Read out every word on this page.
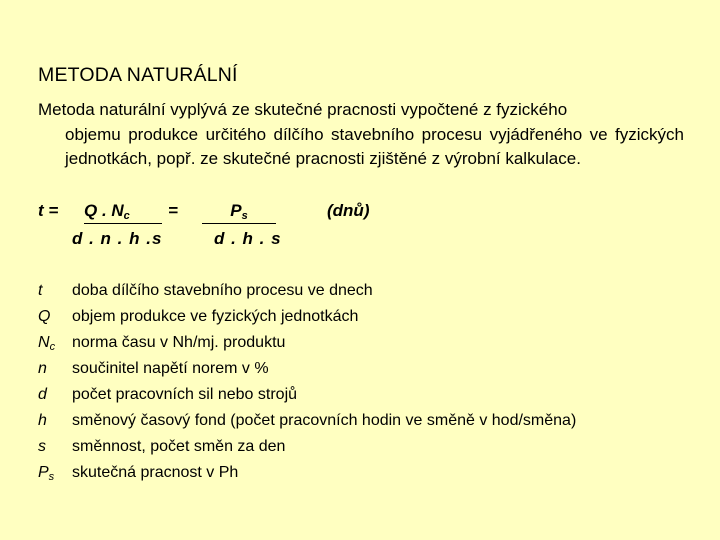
METODA NATURÁLNÍ
Metoda naturální vyplývá ze skutečné pracnosti vypočtené z fyzického
objemu produkce určitého dílčího stavebního procesu vyjádřeného ve fyzických jednotkách, popř. ze skutečné pracnosti zjištěné z výrobní kalkulace.
t = Q . $N_c$	=	$P_s$	(dnů)
d . n . h .s	d . h . s
t doba dílčího stavebního procesu ve dnech
Q objem produkce ve fyzických jednotkách
$N_c$ norma času v Nh/mj. produktu
n součinitel napětí norem v %
d počet pracovních sil nebo strojů
h směnový časový fond (počet pracovních hodin ve směně v hod/směna)
s směnnost, počet směn za den
$P_s$ skutečná pracnost v Ph
